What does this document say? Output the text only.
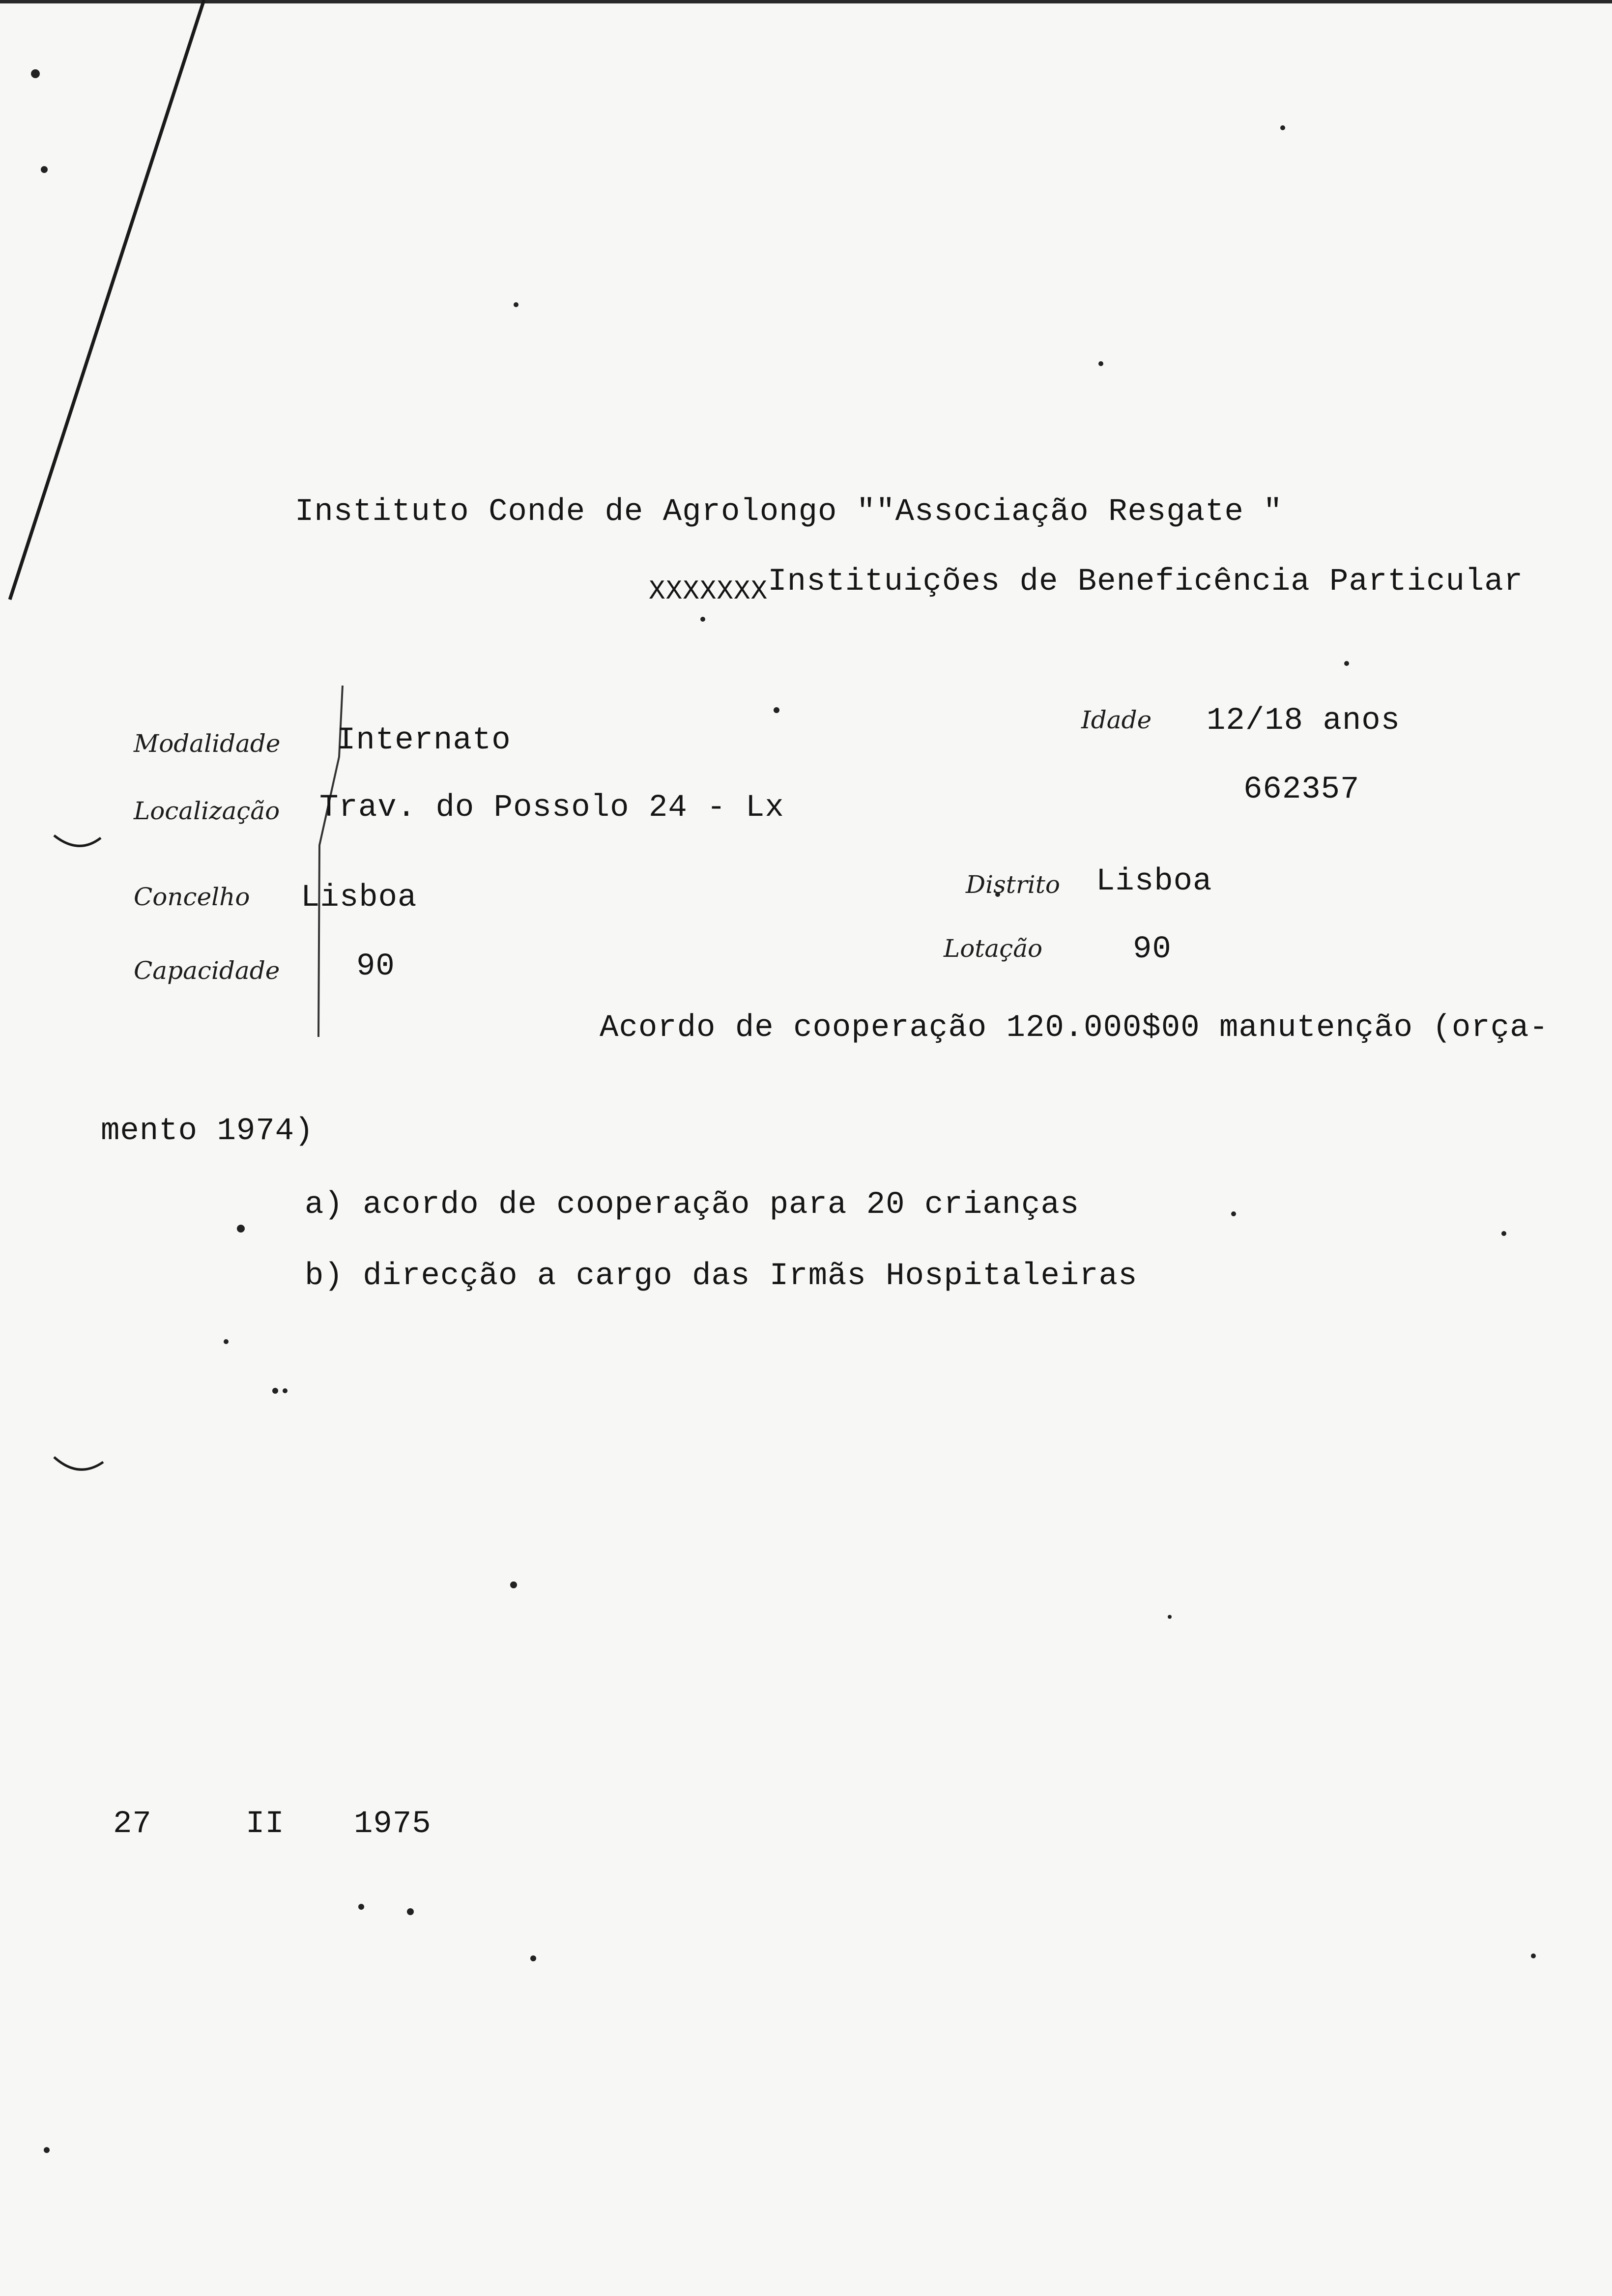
Instituto Conde de Agrolongo ""Associação Resgate "
XXXXXXXInstituições de Beneficência Particular
Modalidade Internato
Localização Trav. do Possolo 24 - Lx
Concelho Lisboa
Capacidade 90
Idade 12/18 anos
662357
Distrito Lisboa
Lotação	90
Acordo de cooperação 120.000$00 manutenção (orça-
mento 1974)
a) acordo de cooperação para 20 crianças
b) direcção a cargo das Irmãs Hospitaleiras
27	II 1975
